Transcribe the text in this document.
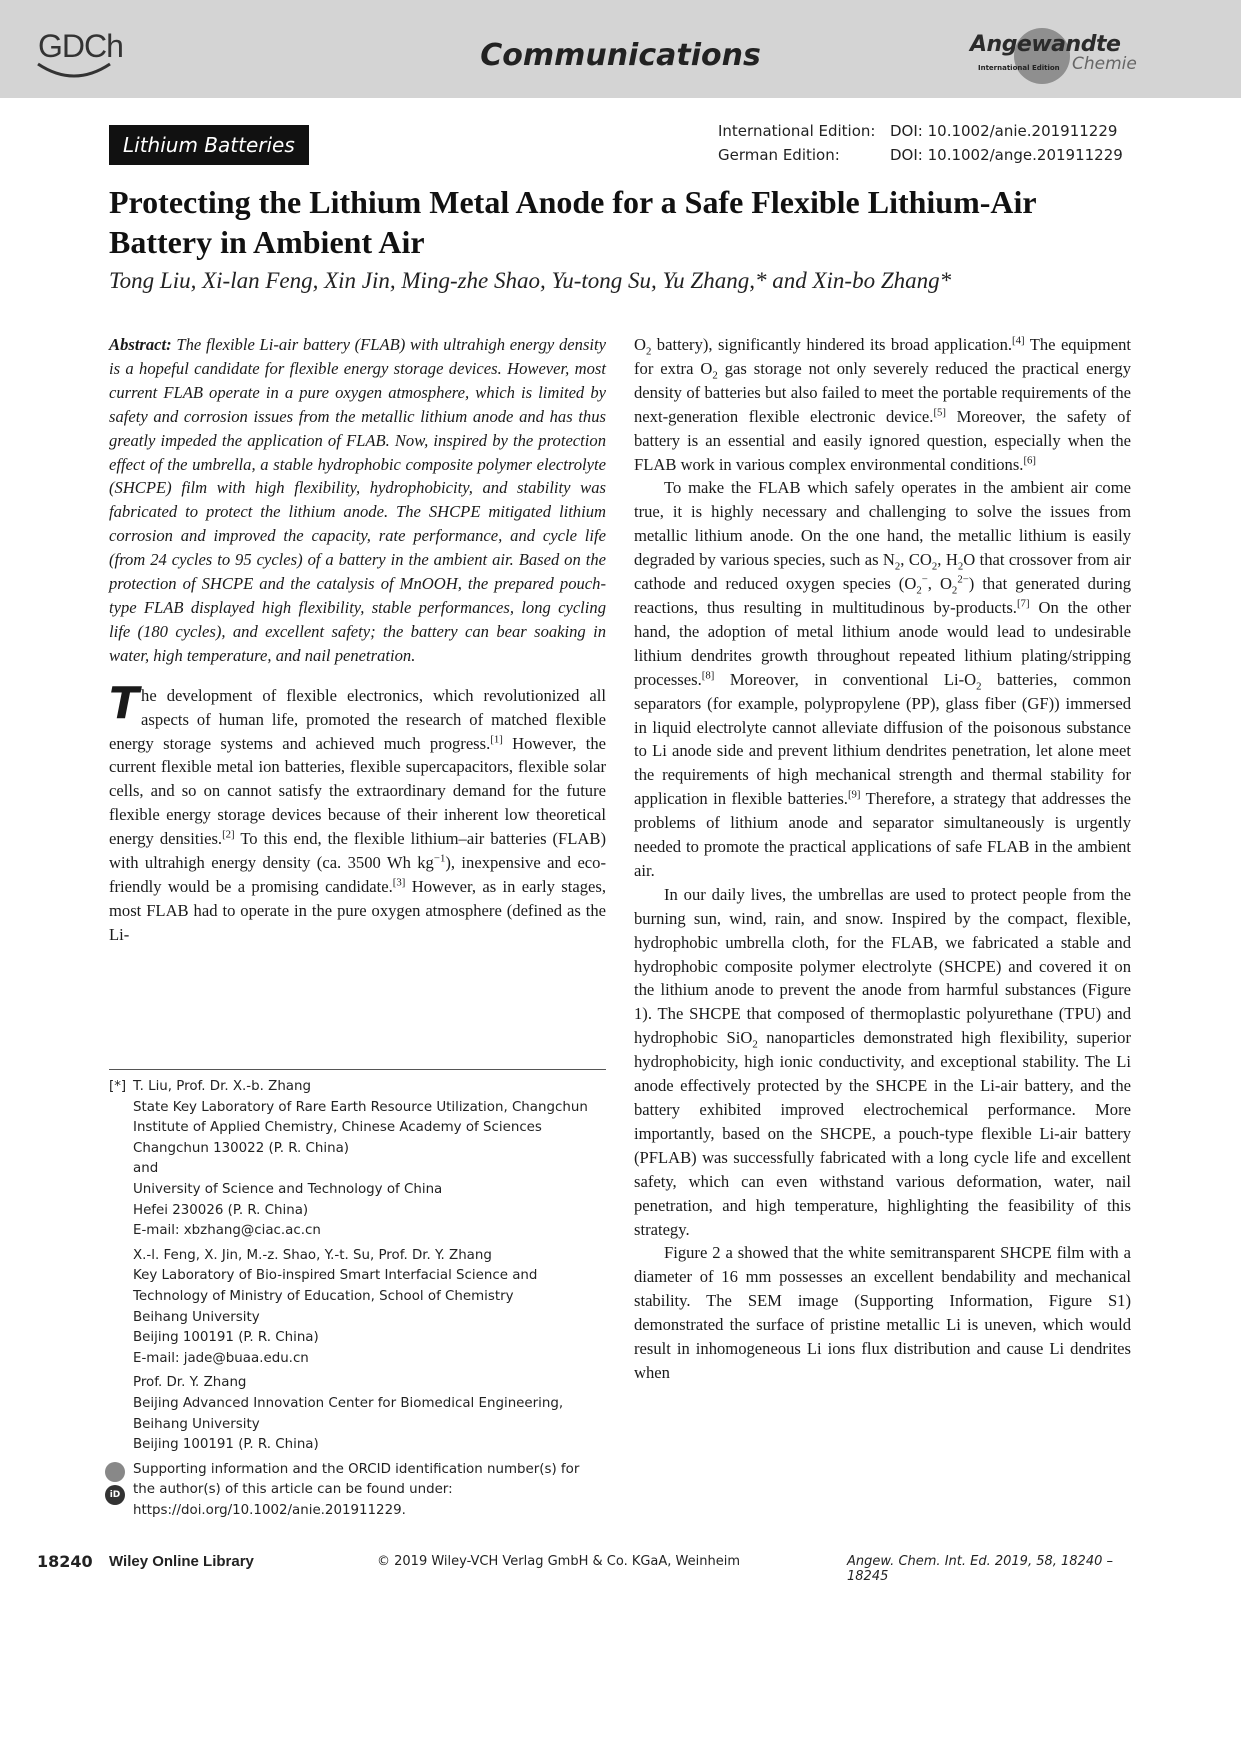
GDCh	Communications	Angewandte
International Edition Chemie
Lithium Batteries
International Edition: DOI: 10.1002/anie.201911229
German Edition:	DOI: 10.1002/ange.201911229
Protecting the Lithium Metal Anode for a Safe Flexible Lithium-Air Battery in Ambient Air
Tong Liu, Xi-lan Feng, Xin Jin, Ming-zhe Shao, Yu-tong Su, Yu Zhang,* and Xin-bo Zhang*

Abstract: The flexible Li-air battery (FLAB) with ultrahigh energy density is a hopeful candidate for flexible energy storage devices. However, most current FLAB operate in a pure oxygen atmosphere, which is limited by safety and corrosion issues from the metallic lithium anode and has thus greatly impeded the application of FLAB. Now, inspired by the protection effect of the umbrella, a stable hydrophobic composite polymer electrolyte (SHCPE) film with high flexibility, hydrophobicity, and stability was fabricated to protect the lithium anode. The SHCPE mitigated lithium corrosion and improved the capacity, rate performance, and cycle life (from 24 cycles to 95 cycles) of a battery in the ambient air. Based on the protection of SHCPE and the catalysis of MnOOH, the prepared pouch-type FLAB displayed high flexibility, stable performances, long cycling life (180 cycles), and excellent safety; the battery can bear soaking in water, high temperature, and nail penetration.

The development of flexible electronics, which revolutionized all aspects of human life, promoted the research of matched flexible energy storage systems and achieved much progress.[1] However, the current flexible metal ion batteries, flexible supercapacitors, flexible solar cells, and so on cannot satisfy the extraordinary demand for the future flexible energy storage devices because of their inherent low theoretical energy densities.[2] To this end, the flexible lithium–air batteries (FLAB) with ultrahigh energy density (ca. 3500 Wh $kg^{-1}$), inexpensive and eco-friendly would be a promising candidate.[3] However, as in early stages, most FLAB had to operate in the pure oxygen atmosphere (defined as the Li-

[*] T. Liu, Prof. Dr. X.-b. Zhang
State Key Laboratory of Rare Earth Resource Utilization, Changchun
Institute of Applied Chemistry, Chinese Academy of Sciences
Changchun 130022 (P. R. China)
and
University of Science and Technology of China
Hefei 230026 (P. R. China)
E-mail: xbzhang@ciac.ac.cn
X.-l. Feng, X. Jin, M.-z. Shao, Y.-t. Su, Prof. Dr. Y. Zhang
Key Laboratory of Bio-inspired Smart Interfacial Science and
Technology of Ministry of Education, School of Chemistry
Beihang University
Beijing 100191 (P. R. China)
E-mail: jade@buaa.edu.cn
Prof. Dr. Y. Zhang
Beijing Advanced Innovation Center for Biomedical Engineering,
Beihang University
Beijing 100191 (P. R. China)
iD
Supporting information and the ORCID identification number(s) for
the author(s) of this article can be found under:
https://doi.org/10.1002/anie.201911229.

$O_2$ battery), significantly hindered its broad application.[4] The equipment for extra $O_2$ gas storage not only severely reduced the practical energy density of batteries but also failed to meet the portable requirements of the next-generation flexible electronic device.[5] Moreover, the safety of battery is an essential and easily ignored question, especially when the FLAB work in various complex environmental conditions.[6]

To make the FLAB which safely operates in the ambient air come true, it is highly necessary and challenging to solve the issues from metallic lithium anode. On the one hand, the metallic lithium is easily degraded by various species, such as $N_2$, $CO_2$, $H_2O$ that crossover from air cathode and reduced oxygen species ($O_2^-$, $O_2^{2-}$) that generated during reactions, thus resulting in multitudinous by-products.[7] On the other hand, the adoption of metal lithium anode would lead to undesirable lithium dendrites growth throughout repeated lithium plating/stripping processes.[8] Moreover, in conventional $Li-O_2$ batteries, common separators (for example, polypropylene (PP), glass fiber (GF)) immersed in liquid electrolyte cannot alleviate diffusion of the poisonous substance to Li anode side and prevent lithium dendrites penetration, let alone meet the requirements of high mechanical strength and thermal stability for application in flexible batteries.[9] Therefore, a strategy that addresses the problems of lithium anode and separator simultaneously is urgently needed to promote the practical applications of safe FLAB in the ambient air.

In our daily lives, the umbrellas are used to protect people from the burning sun, wind, rain, and snow. Inspired by the compact, flexible, hydrophobic umbrella cloth, for the FLAB, we fabricated a stable and hydrophobic composite polymer electrolyte (SHCPE) and covered it on the lithium anode to prevent the anode from harmful substances (Figure 1). The SHCPE that composed of thermoplastic polyurethane (TPU) and hydrophobic SiO$_2$ nanoparticles demonstrated high flexibility, superior hydrophobicity, high ionic conductivity, and exceptional stability. The Li anode effectively protected by the SHCPE in the Li-air battery, and the battery exhibited improved electrochemical performance. More importantly, based on the SHCPE, a pouch-type flexible Li-air battery (PFLAB) was successfully fabricated with a long cycle life and excellent safety, which can even withstand various deformation, water, nail penetration, and high temperature, highlighting the feasibility of this strategy.

Figure 2 a showed that the white semitransparent SHCPE film with a diameter of 16 mm possesses an excellent bendability and mechanical stability. The SEM image (Supporting Information, Figure S1) demonstrated the surface of pristine metallic Li is uneven, which would result in inhomogeneous Li ions flux distribution and cause Li dendrites when

18240 Wiley Online Library	© 2019 Wiley-VCH Verlag GmbH & Co. KGaA, Weinheim	Angew. Chem. Int. Ed. 2019, 58, 18240 –18245
